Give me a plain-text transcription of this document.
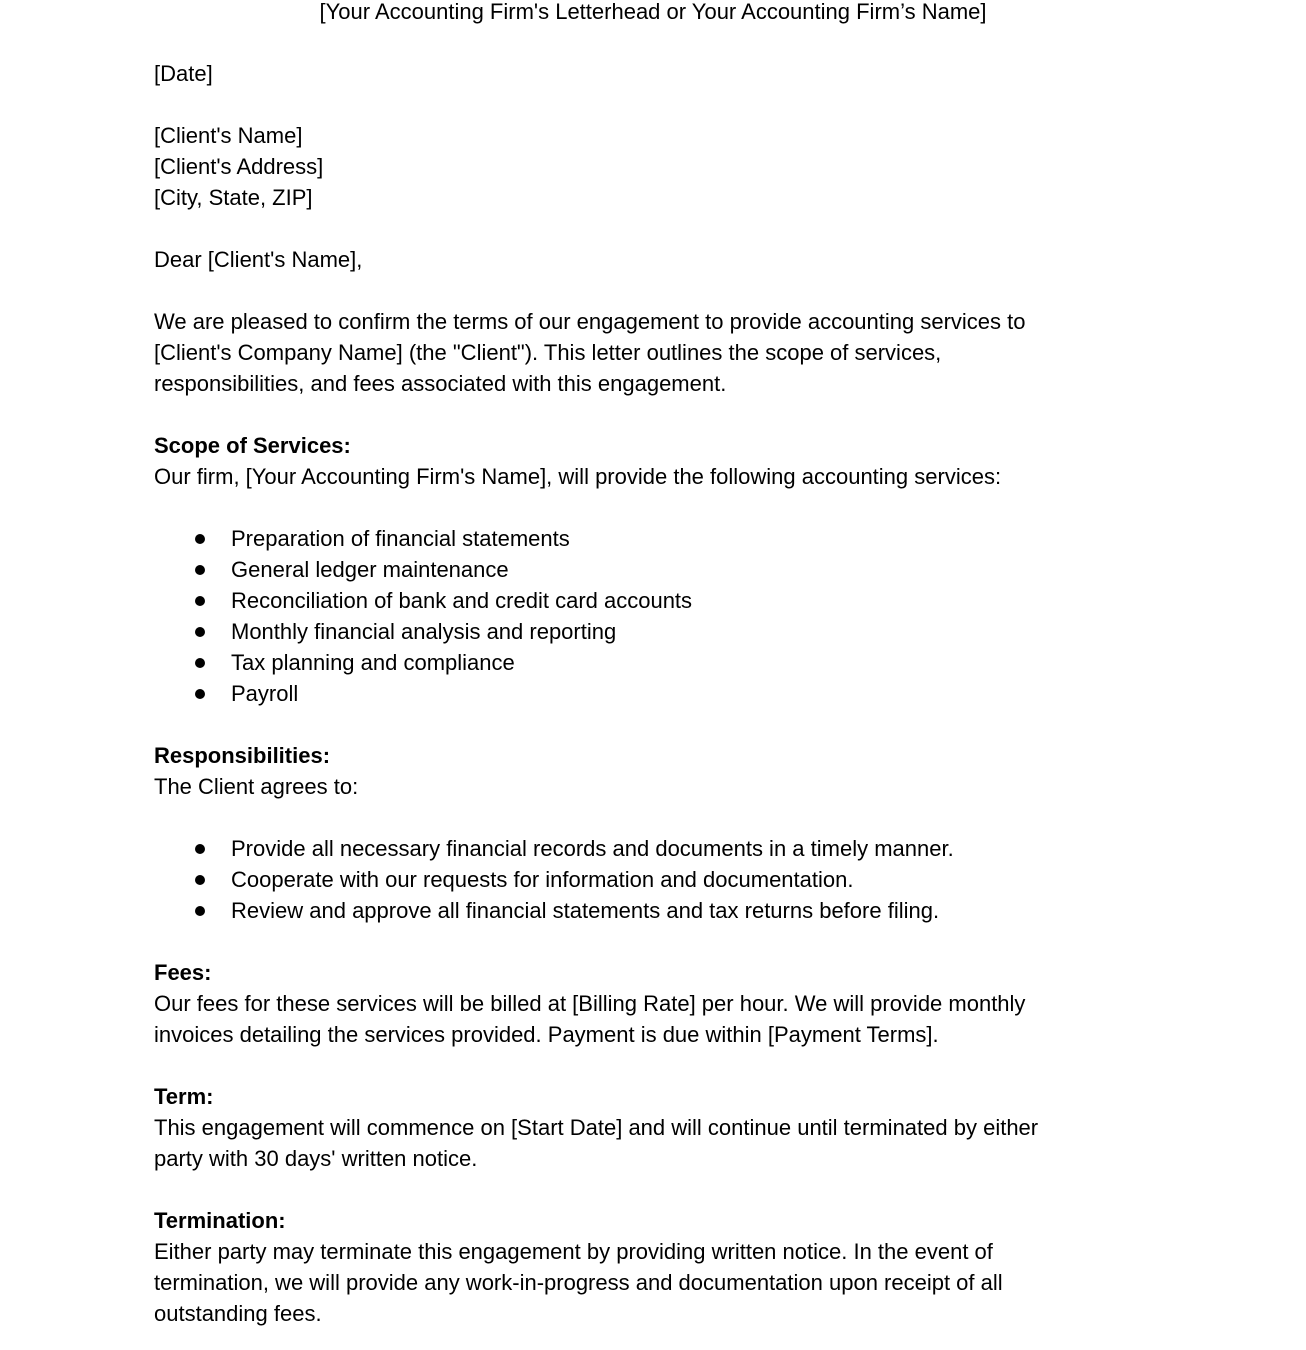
[Your Accounting Firm's Letterhead or Your Accounting Firm’s Name]

[Date]
[Client's Name]
[Client's Address]
[City, State, ZIP]
Dear [Client's Name],
We are pleased to confirm the terms of our engagement to provide accounting services to
[Client's Company Name] (the "Client"). This letter outlines the scope of services,
responsibilities, and fees associated with this engagement.
Scope of Services:
Our firm, [Your Accounting Firm's Name], will provide the following accounting services:
Preparation of financial statements
General ledger maintenance
Reconciliation of bank and credit card accounts
Monthly financial analysis and reporting
Tax planning and compliance
Payroll
Responsibilities:
The Client agrees to:
Provide all necessary financial records and documents in a timely manner.
Cooperate with our requests for information and documentation.
Review and approve all financial statements and tax returns before filing.
Fees:
Our fees for these services will be billed at [Billing Rate] per hour. We will provide monthly
invoices detailing the services provided. Payment is due within [Payment Terms].
Term:
This engagement will commence on [Start Date] and will continue until terminated by either
party with 30 days' written notice.
Termination:
Either party may terminate this engagement by providing written notice. In the event of
termination, we will provide any work-in-progress and documentation upon receipt of all
outstanding fees.
